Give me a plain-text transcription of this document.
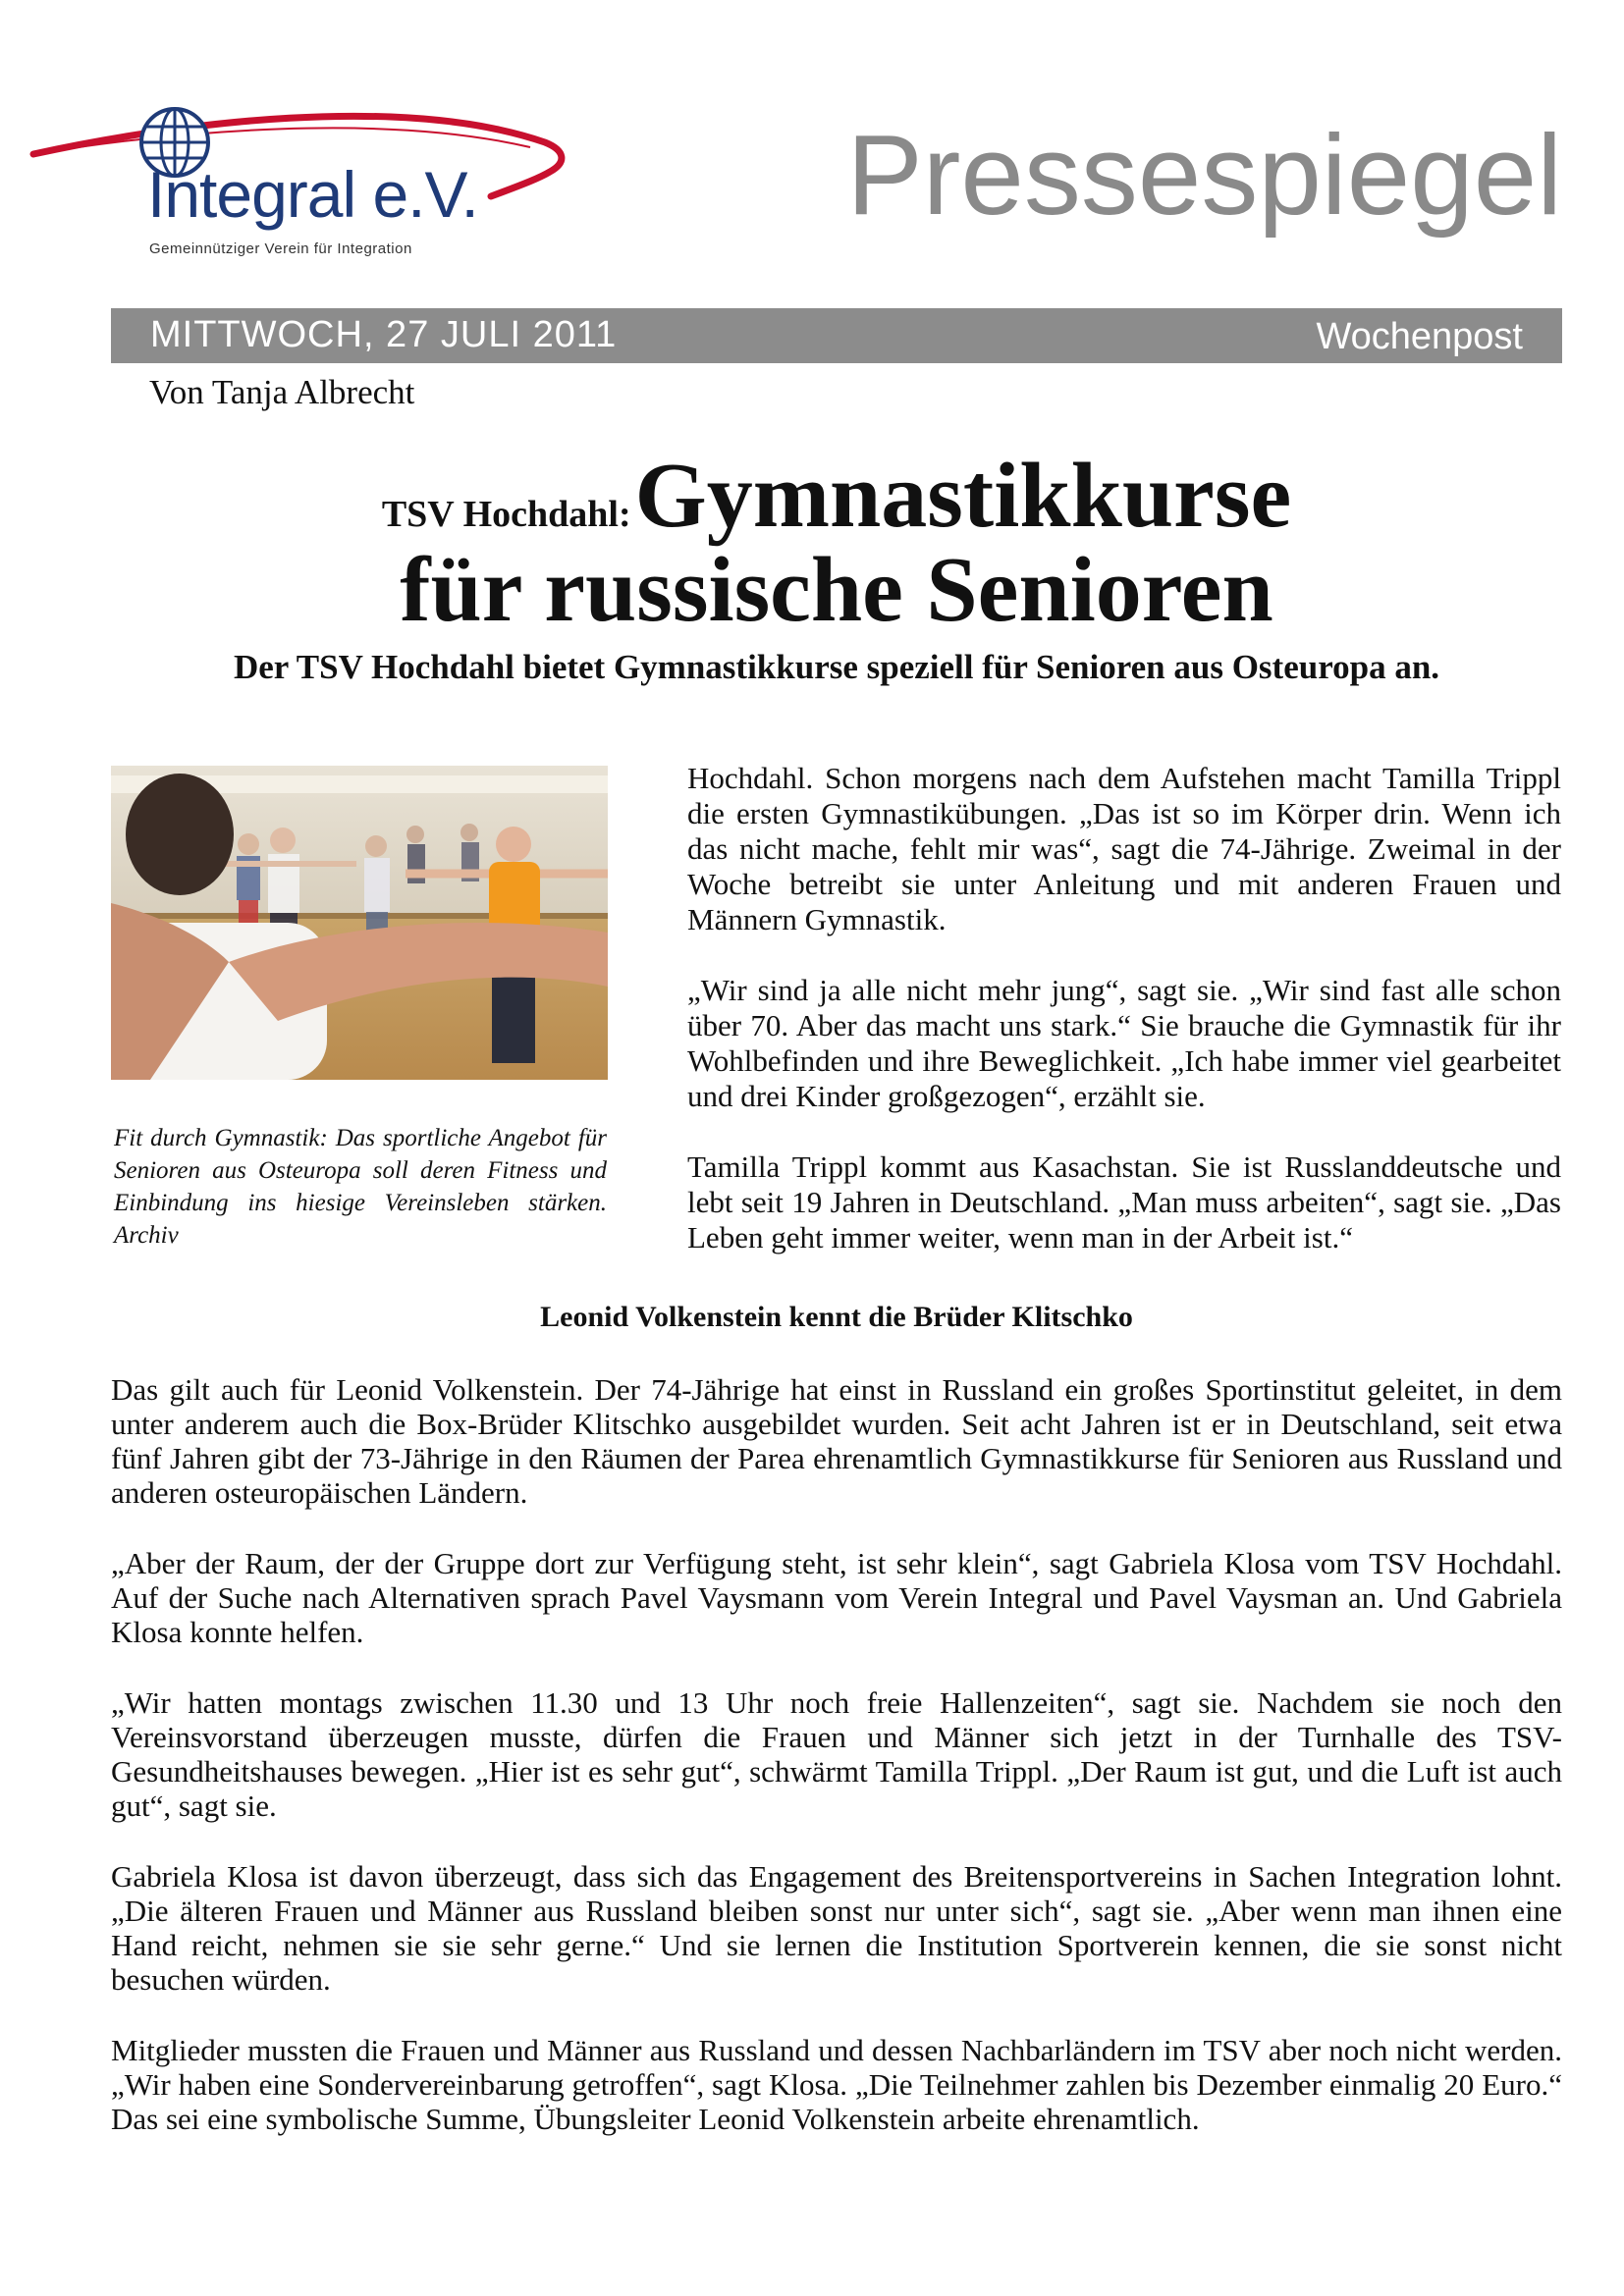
Integral e.V.
Gemeinnütziger Verein für Integration
Pressespiegel
MITTWOCH, 27 JULI 2011	Wochenpost
Von Tanja Albrecht
TSV Hochdahl: Gymnastikkurse
für russische Senioren
Der TSV Hochdahl bietet Gymnastikkurse speziell für Senioren aus Osteuropa an.
Fit durch Gymnastik: Das sportliche Angebot für Senioren aus Osteuropa soll deren Fitness und Einbindung ins hiesige Vereinsleben stärken. Archiv

Hochdahl. Schon morgens nach dem Aufstehen macht Tamilla Trippl die ersten Gymnastikübungen. „Das ist so im Körper drin. Wenn ich das nicht mache, fehlt mir was“, sagt die 74-Jährige. Zweimal in der Woche betreibt sie unter Anleitung und mit anderen Frauen und Männern Gymnastik.

„Wir sind ja alle nicht mehr jung“, sagt sie. „Wir sind fast alle schon über 70. Aber das macht uns stark.“ Sie brauche die Gymnastik für ihr Wohlbefinden und ihre Beweglichkeit. „Ich habe immer viel gearbeitet und drei Kinder großgezogen“, erzählt sie.

Tamilla Trippl kommt aus Kasachstan. Sie ist Russlanddeutsche und lebt seit 19 Jahren in Deutschland. „Man muss arbeiten“, sagt sie. „Das Leben geht immer weiter, wenn man in der Arbeit ist.“

Leonid Volkenstein kennt die Brüder Klitschko

Das gilt auch für Leonid Volkenstein. Der 74-Jährige hat einst in Russland ein großes Sportinstitut geleitet, in dem unter anderem auch die Box-Brüder Klitschko ausgebildet wurden. Seit acht Jahren ist er in Deutschland, seit etwa fünf Jahren gibt der 73-Jährige in den Räumen der Parea ehrenamtlich Gymnastikkurse für Senioren aus Russland und anderen osteuropäischen Ländern.

„Aber der Raum, der der Gruppe dort zur Verfügung steht, ist sehr klein“, sagt Gabriela Klosa vom TSV Hochdahl. Auf der Suche nach Alternativen sprach Pavel Vaysmann vom Verein Integral und Pavel Vaysman an. Und Gabriela Klosa konnte helfen.

„Wir hatten montags zwischen 11.30 und 13 Uhr noch freie Hallenzeiten“, sagt sie. Nachdem sie noch den Vereinsvorstand überzeugen musste, dürfen die Frauen und Männer sich jetzt in der Turnhalle des TSV-Gesundheitshauses bewegen. „Hier ist es sehr gut“, schwärmt Tamilla Trippl. „Der Raum ist gut, und die Luft ist auch gut“, sagt sie.

Gabriela Klosa ist davon überzeugt, dass sich das Engagement des Breitensportvereins in Sachen Integration lohnt. „Die älteren Frauen und Männer aus Russland bleiben sonst nur unter sich“, sagt sie. „Aber wenn man ihnen eine Hand reicht, nehmen sie sie sehr gerne.“ Und sie lernen die Institution Sportverein kennen, die sie sonst nicht besuchen würden.

Mitglieder mussten die Frauen und Männer aus Russland und dessen Nachbarländern im TSV aber noch nicht werden. „Wir haben eine Sondervereinbarung getroffen“, sagt Klosa. „Die Teilnehmer zahlen bis Dezember einmalig 20 Euro.“ Das sei eine symbolische Summe, Übungsleiter Leonid Volkenstein arbeite ehrenamtlich.
